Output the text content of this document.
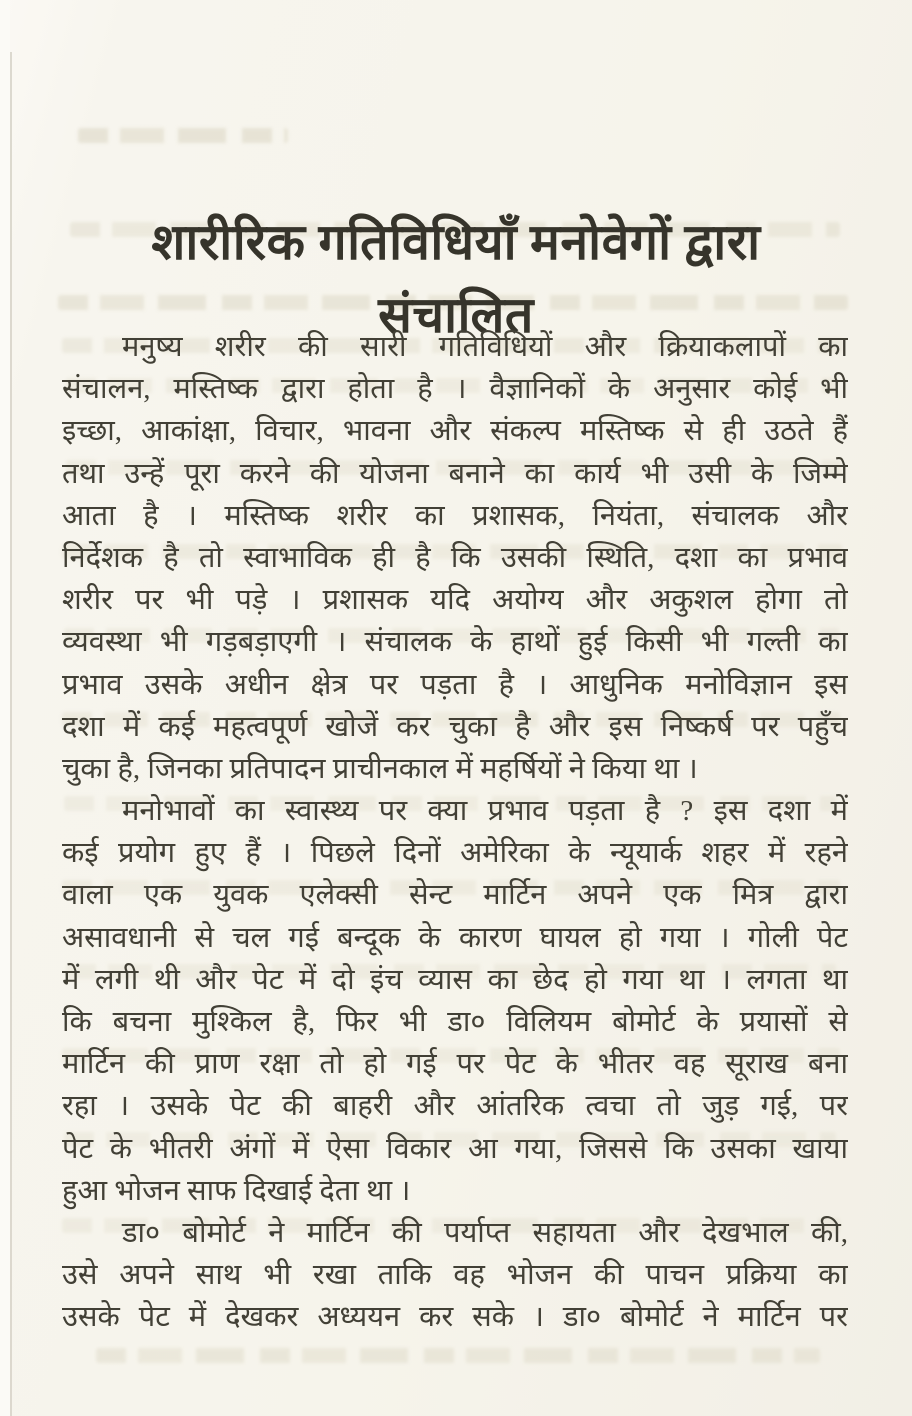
शारीरिक गतिविधियाँ मनोवेगों द्वारा
संचालित
मनुष्य शरीर की सारी गतिविधियों और क्रियाकलापों का
संचालन, मस्तिष्क द्वारा होता है । वैज्ञानिकों के अनुसार कोई भी
इच्छा, आकांक्षा, विचार, भावना और संकल्प मस्तिष्क से ही उठते हैं
तथा उन्हें पूरा करने की योजना बनाने का कार्य भी उसी के जिम्मे
आता है । मस्तिष्क शरीर का प्रशासक, नियंता, संचालक और
निर्देशक है तो स्वाभाविक ही है कि उसकी स्थिति, दशा का प्रभाव
शरीर पर भी पड़े । प्रशासक यदि अयोग्य और अकुशल होगा तो
व्यवस्था भी गड़बड़ाएगी । संचालक के हाथों हुई किसी भी गल्ती का
प्रभाव उसके अधीन क्षेत्र पर पड़ता है । आधुनिक मनोविज्ञान इस
दशा में कई महत्वपूर्ण खोजें कर चुका है और इस निष्कर्ष पर पहुँच
चुका है, जिनका प्रतिपादन प्राचीनकाल में महर्षियों ने किया था ।
मनोभावों का स्वास्थ्य पर क्या प्रभाव पड़ता है ? इस दशा में
कई प्रयोग हुए हैं । पिछले दिनों अमेरिका के न्यूयार्क शहर में रहने
वाला एक युवक एलेक्सी सेन्ट मार्टिन अपने एक मित्र द्वारा
असावधानी से चल गई बन्दूक के कारण घायल हो गया । गोली पेट
में लगी थी और पेट में दो इंच व्यास का छेद हो गया था । लगता था
कि बचना मुश्किल है, फिर भी डा० विलियम बोमोर्ट के प्रयासों से
मार्टिन की प्राण रक्षा तो हो गई पर पेट के भीतर वह सूराख बना
रहा । उसके पेट की बाहरी और आंतरिक त्वचा तो जुड़ गई, पर
पेट के भीतरी अंगों में ऐसा विकार आ गया, जिससे कि उसका खाया
हुआ भोजन साफ दिखाई देता था ।
डा० बोमोर्ट ने मार्टिन की पर्याप्त सहायता और देखभाल की,
उसे अपने साथ भी रखा ताकि वह भोजन की पाचन प्रक्रिया का
उसके पेट में देखकर अध्ययन कर सके । डा० बोमोर्ट ने मार्टिन पर
